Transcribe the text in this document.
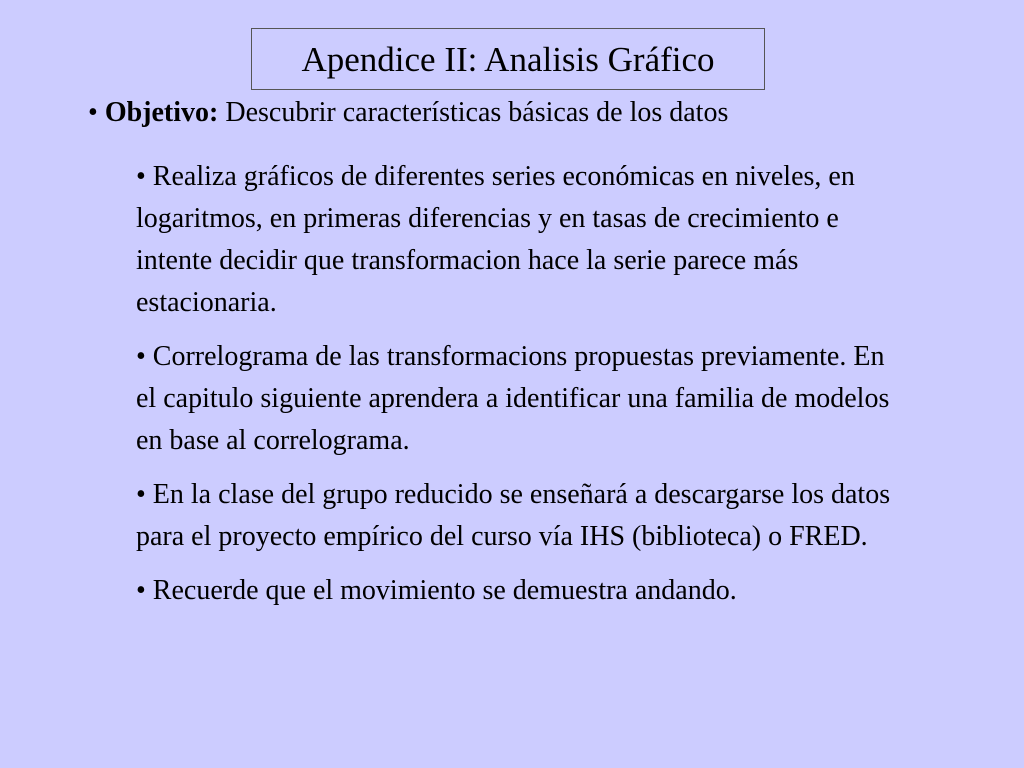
Apendice II: Analisis Gráfico
• Objetivo: Descubrir características básicas de los datos
• Realiza gráficos de diferentes series económicas en niveles, en logaritmos, en primeras diferencias y en tasas de crecimiento e intente decidir que transformacion hace la serie parece más estacionaria.
• Correlograma de las transformacions propuestas previamente. En el capitulo siguiente aprendera a identificar una familia de modelos en base al correlograma.
• En la clase del grupo reducido se enseñará a descargarse los datos para el proyecto empírico del curso vía IHS (biblioteca) o FRED.
• Recuerde que el movimiento se demuestra andando.
